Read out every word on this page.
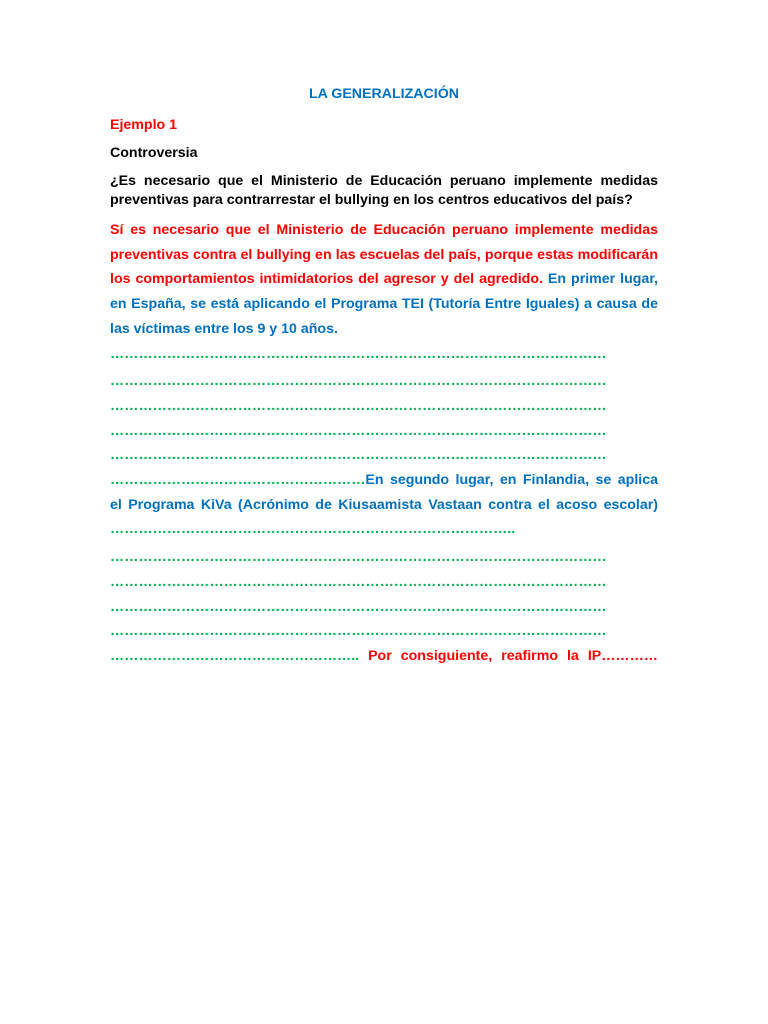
LA GENERALIZACIÓN
Ejemplo 1
Controversia

¿Es necesario que el Ministerio de Educación peruano implemente medidas preventivas para contrarrestar el bullying en los centros educativos del país?

Sí es necesario que el Ministerio de Educación peruano implemente medidas preventivas contra el bullying en las escuelas del país, porque estas modificarán los comportamientos intimidatorios del agresor y del agredido. En primer lugar, en España, se está aplicando el Programa TEI (Tutoría Entre Iguales) a causa de las víctimas entre los 9 y 10 años.
……………………………………………………………………………………………
……………………………………………………………………………………………
……………………………………………………………………………………………
……………………………………………………………………………………………
……………………………………………………………………………………………
………………………………………………En segundo lugar, en Finlandia, se aplica el Programa KiVa (Acrónimo de Kiusaamista Vastaan contra el acoso escolar)
…………………………………………………………………………..
……………………………………………………………………………………………
……………………………………………………………………………………………
……………………………………………………………………………………………
……………………………………………………………………………………………
…………………………………………….. Por consiguiente, reafirmo la IP…………
